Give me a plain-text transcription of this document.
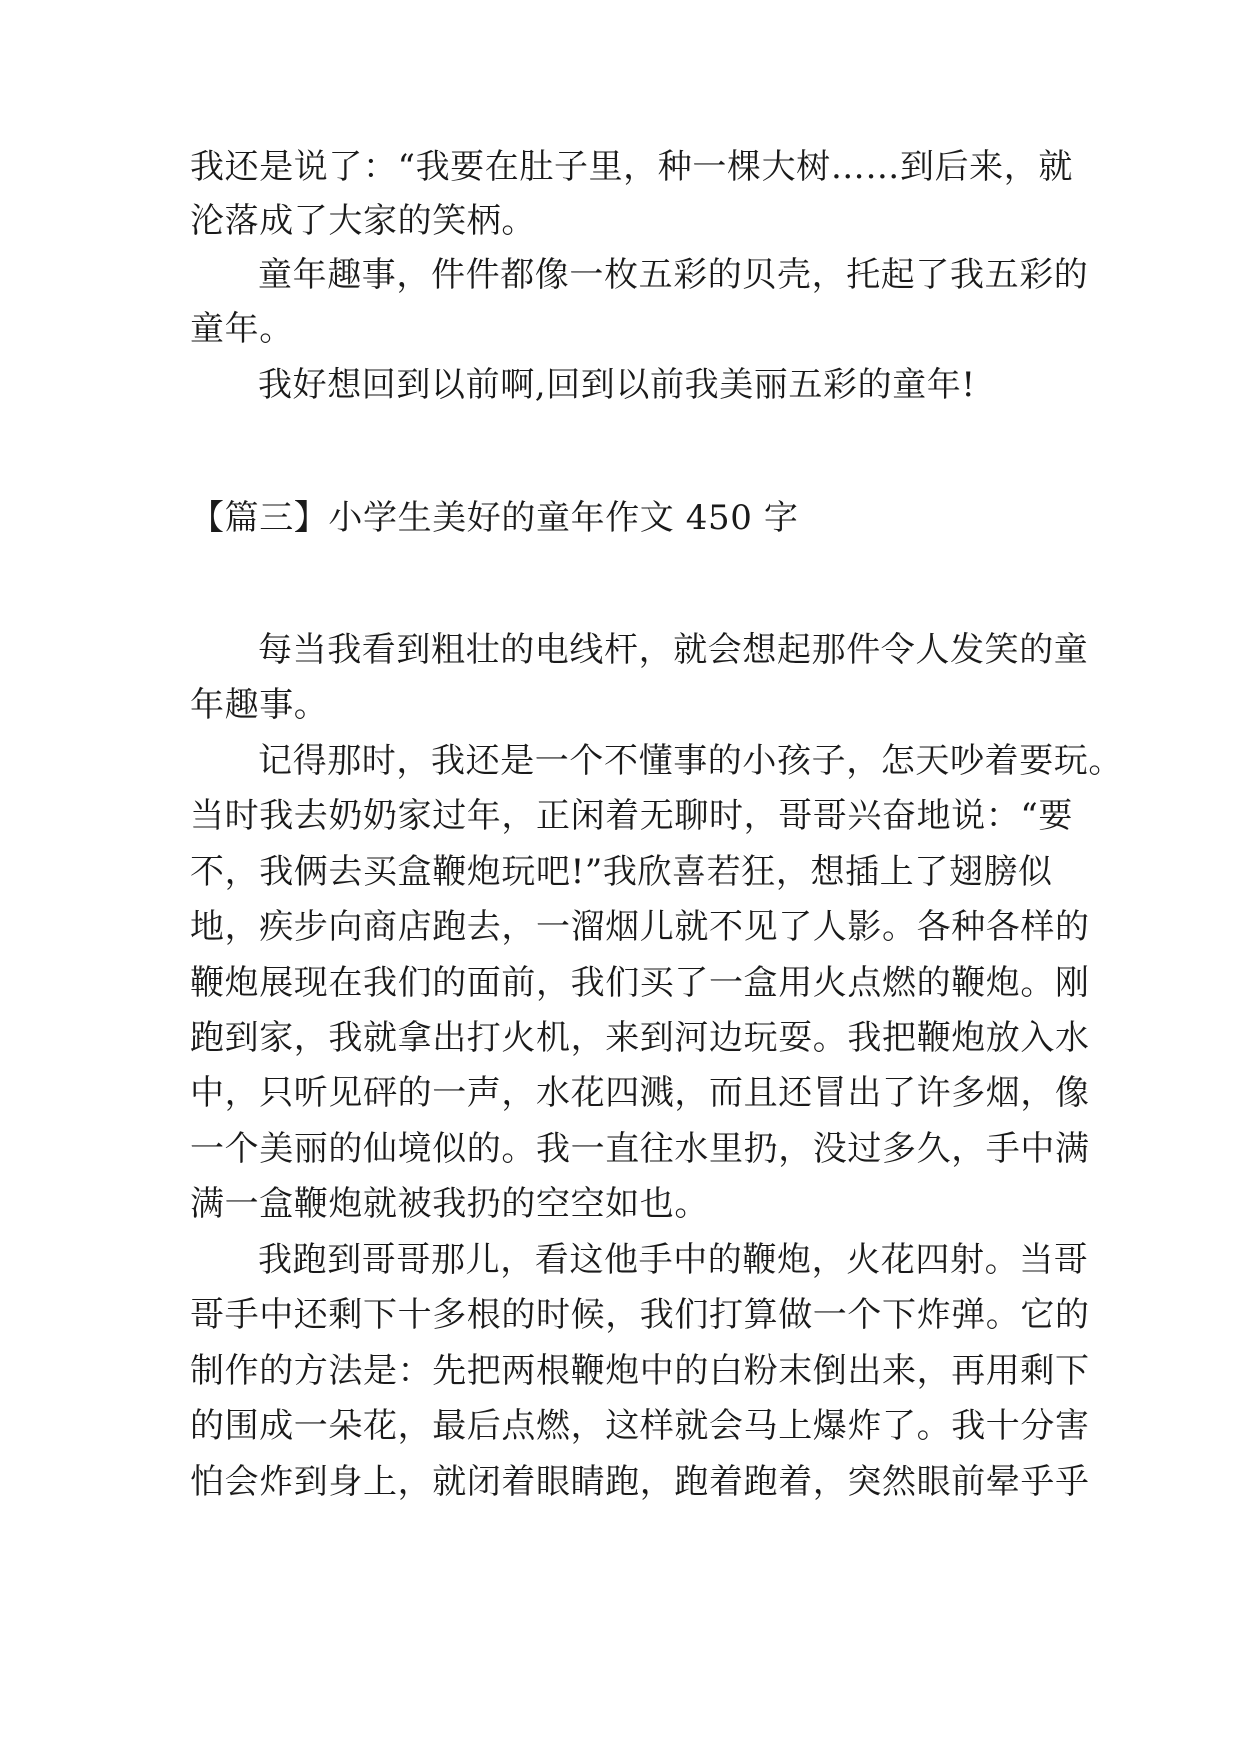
我还是说了：“我要在肚子里，种一棵大树……到后来，就
沦落成了大家的笑柄。
童年趣事，件件都像一枚五彩的贝壳，托起了我五彩的
童年。
我好想回到以前啊,回到以前我美丽五彩的童年!
【篇三】小学生美好的童年作文 450 字
每当我看到粗壮的电线杆，就会想起那件令人发笑的童
年趣事。
记得那时，我还是一个不懂事的小孩子，怎天吵着要玩。
当时我去奶奶家过年，正闲着无聊时，哥哥兴奋地说：“要
不，我俩去买盒鞭炮玩吧!”我欣喜若狂，想插上了翅膀似
地，疾步向商店跑去，一溜烟儿就不见了人影。各种各样的
鞭炮展现在我们的面前，我们买了一盒用火点燃的鞭炮。刚
跑到家，我就拿出打火机，来到河边玩耍。我把鞭炮放入水
中，只听见砰的一声，水花四溅，而且还冒出了许多烟，像
一个美丽的仙境似的。我一直往水里扔，没过多久，手中满
满一盒鞭炮就被我扔的空空如也。
我跑到哥哥那儿，看这他手中的鞭炮，火花四射。当哥
哥手中还剩下十多根的时候，我们打算做一个下炸弹。它的
制作的方法是：先把两根鞭炮中的白粉末倒出来，再用剩下
的围成一朵花，最后点燃，这样就会马上爆炸了。我十分害
怕会炸到身上，就闭着眼睛跑，跑着跑着，突然眼前晕乎乎
